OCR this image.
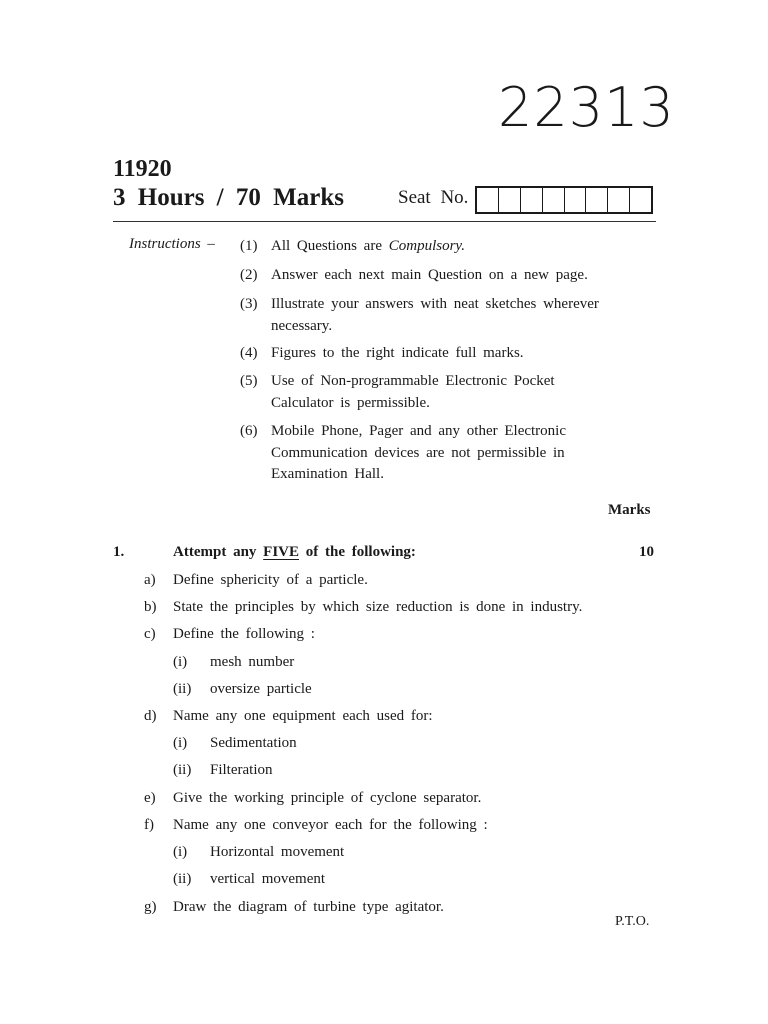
22313
11920
3 Hours / 70 Marks	Seat No.
Instructions – (1) All Questions are Compulsory.
(2) Answer each next main Question on a new page.
(3) Illustrate your answers with neat sketches wherever necessary.
(4) Figures to the right indicate full marks.
(5) Use of Non-programmable Electronic Pocket Calculator is permissible.
(6) Mobile Phone, Pager and any other Electronic Communication devices are not permissible in Examination Hall.
Marks
1.	Attempt any FIVE of the following:	10
a) Define sphericity of a particle.
b) State the principles by which size reduction is done in industry.
c) Define the following :
(i) mesh number
(ii) oversize particle
d) Name any one equipment each used for:
(i) Sedimentation
(ii) Filteration
e) Give the working principle of cyclone separator.
f) Name any one conveyor each for the following :
(i) Horizontal movement
(ii) vertical movement
g) Draw the diagram of turbine type agitator.
P.T.O.
